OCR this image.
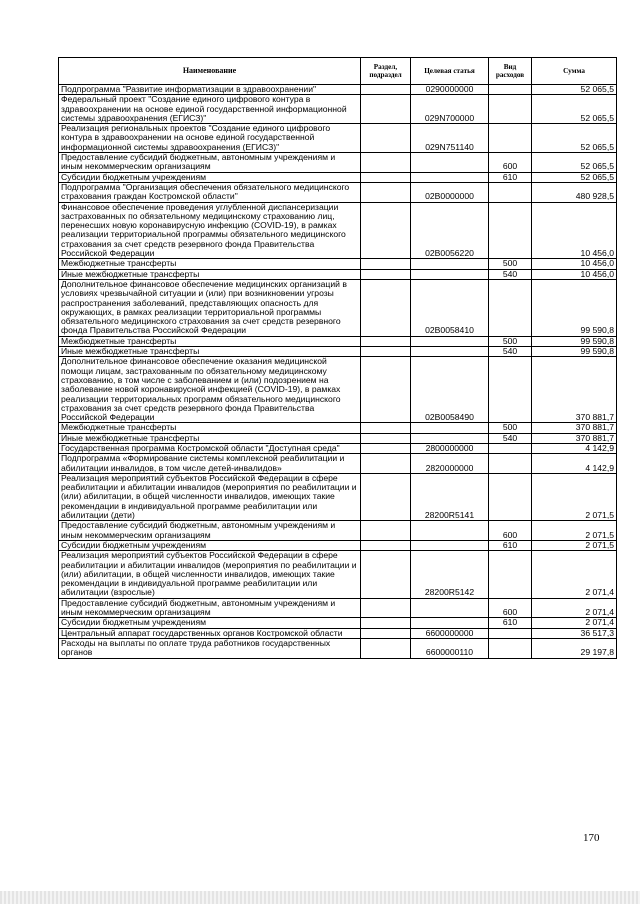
Наименование	Раздел, подраздел	Целевая статья	Вид расходов	Сумма
Подпрограмма "Развитие информатизации в здравоохранении"		0290000000		52 065,5
Федеральный проект "Создание единого цифрового контура в здравоохранении на основе единой государственной информационной системы здравоохранения (ЕГИСЗ)"		029N700000		52 065,5
Реализация региональных проектов "Создание единого цифрового контура в здравоохранении на основе единой государственной информационной системы здравоохранения (ЕГИСЗ)"		029N751140		52 065,5
Предоставление субсидий бюджетным, автономным учреждениям и иным некоммерческим организациям			600	52 065,5
Субсидии бюджетным учреждениям			610	52 065,5
Подпрограмма "Организация обеспечения обязательного медицинского страхования граждан Костромской области"		02В0000000		480 928,5
Финансовое обеспечение проведения углубленной диспансеризации застрахованных по обязательному медицинскому страхованию лиц, перенесших новую коронавирусную инфекцию (COVID-19), в рамках реализации территориальной программы обязательного медицинского страхования за счет средств резервного фонда Правительства Российской Федерации		02В0056220		10 456,0
Межбюджетные трансферты			500	10 456,0
Иные межбюджетные трансферты			540	10 456,0
Дополнительное финансовое обеспечение медицинских организаций в условиях чрезвычайной ситуации и (или) при возникновении угрозы распространения заболеваний, представляющих опасность для окружающих, в рамках реализации территориальной программы обязательного медицинского страхования за счет средств резервного фонда Правительства Российской Федерации		02В0058410		99 590,8
Межбюджетные трансферты			500	99 590,8
Иные межбюджетные трансферты			540	99 590,8
Дополнительное финансовое обеспечение оказания медицинской помощи лицам, застрахованным по обязательному медицинскому страхованию, в том числе с заболеванием и (или) подозрением на заболевание новой коронавирусной инфекцией (COVID-19), в рамках реализации территориальных программ обязательного медицинского страхования за счет средств резервного фонда Правительства Российской Федерации		02В0058490		370 881,7
Межбюджетные трансферты			500	370 881,7
Иные межбюджетные трансферты			540	370 881,7
Государственная программа Костромской области "Доступная среда"		2800000000		4 142,9
Подпрограмма «Формирование системы комплексной реабилитации и абилитации инвалидов, в том числе детей-инвалидов»		2820000000		4 142,9
Реализация мероприятий субъектов Российской Федерации в сфере реабилитации и абилитации инвалидов (мероприятия по реабилитации и (или) абилитации, в общей численности инвалидов, имеющих такие рекомендации в индивидуальной программе реабилитации или абилитации (дети)		28200R5141		2 071,5
Предоставление субсидий бюджетным, автономным учреждениям и иным некоммерческим организациям			600	2 071,5
Субсидии бюджетным учреждениям			610	2 071,5
Реализация мероприятий субъектов Российской Федерации в сфере реабилитации и абилитации инвалидов (мероприятия по реабилитации и (или) абилитации, в общей численности инвалидов, имеющих такие рекомендации в индивидуальной программе реабилитации или абилитации (взрослые)		28200R5142		2 071,4
Предоставление субсидий бюджетным, автономным учреждениям и иным некоммерческим организациям			600	2 071,4
Субсидии бюджетным учреждениям			610	2 071,4
Центральный аппарат государственных органов Костромской области		6600000000		36 517,3
Расходы на выплаты по оплате труда работников государственных органов		6600000110		29 197,8
170
